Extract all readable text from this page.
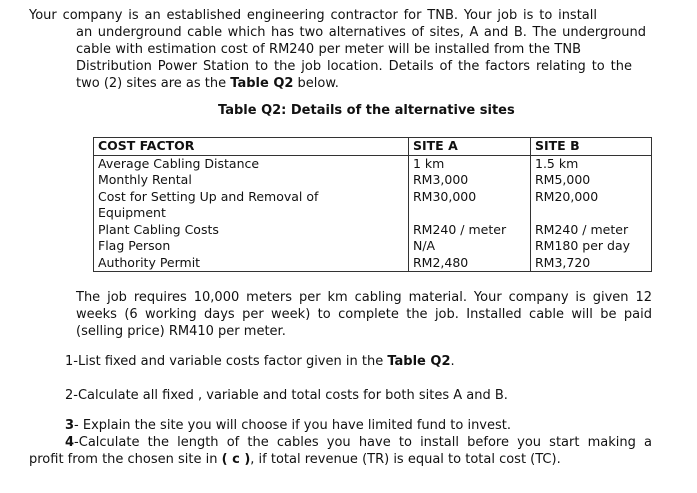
Your company is an established engineering contractor for TNB. Your job is to install
an underground cable which has two alternatives of sites, A and B. The underground
cable with estimation cost of RM240 per meter will be installed from the TNB
Distribution Power Station to the job location. Details of the factors relating to the
two (2) sites are as the Table Q2 below.
Table Q2: Details of the alternative sites
COST FACTOR	SITE A	SITE B
Average Cabling Distance	1 km	1.5 km
Monthly Rental	RM3,000	RM5,000
Cost for Setting Up and Removal of	RM30,000	RM20,000
Equipment		
Plant Cabling Costs	RM240 / meter	RM240 / meter
Flag Person	N/A	RM180 per day
Authority Permit	RM2,480	RM3,720
The job requires 10,000 meters per km cabling material. Your company is given 12
weeks (6 working days per week) to complete the job. Installed cable will be paid
(selling price) RM410 per meter.
1-List fixed and variable costs factor given in the Table Q2.
2-Calculate all fixed , variable and total costs for both sites A and B.
3- Explain the site you will choose if you have limited fund to invest.
4-Calculate the length of the cables you have to install before you start making a
profit from the chosen site in ( c ), if total revenue (TR) is equal to total cost (TC).
